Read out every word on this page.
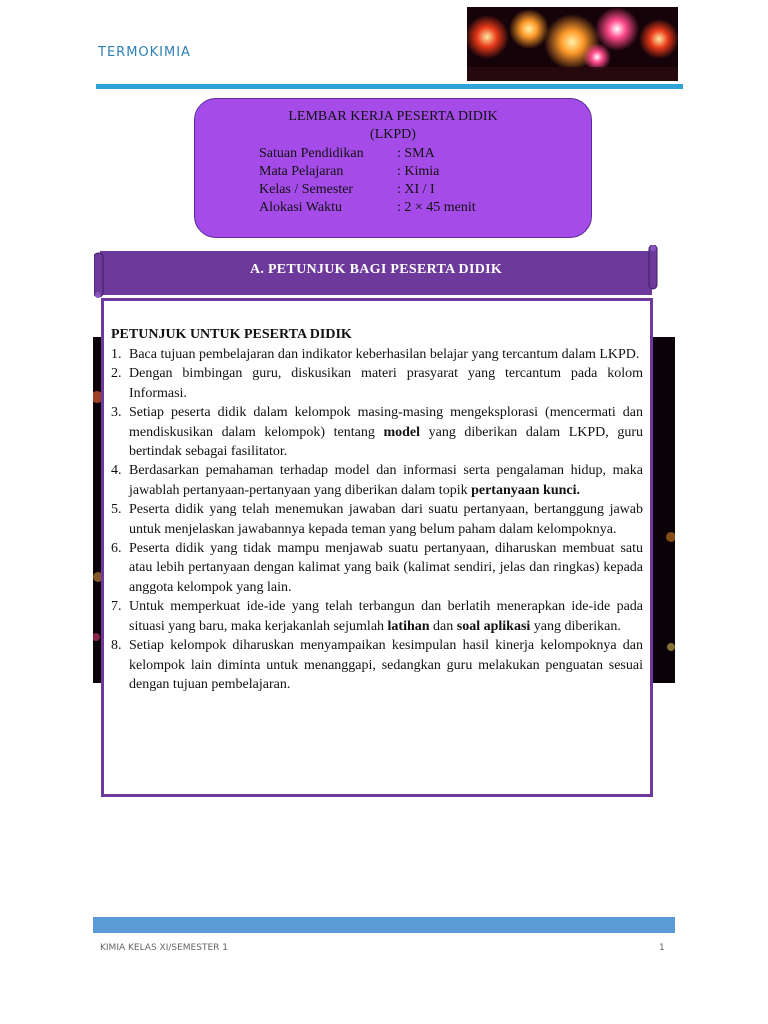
TERMOKIMIA
LEMBAR KERJA PESERTA DIDIK
(LKPD)
Satuan Pendidikan	: SMA
Mata Pelajaran	: Kimia
Kelas / Semester	: XI / I
Alokasi Waktu	: 2 × 45 menit
A. PETUNJUK BAGI PESERTA DIDIK
PETUNJUK UNTUK PESERTA DIDIK
1. Baca tujuan pembelajaran dan indikator keberhasilan belajar yang tercantum dalam LKPD.
2. Dengan bimbingan guru, diskusikan materi prasyarat yang tercantum pada kolom Informasi.
3. Setiap peserta didik dalam kelompok masing-masing mengeksplorasi (mencermati dan mendiskusikan dalam kelompok) tentang model yang diberikan dalam LKPD, guru bertindak sebagai fasilitator.
4. Berdasarkan pemahaman terhadap model dan informasi serta pengalaman hidup, maka jawablah pertanyaan-pertanyaan yang diberikan dalam topik pertanyaan kunci.
5. Peserta didik yang telah menemukan jawaban dari suatu pertanyaan, bertanggung jawab untuk menjelaskan jawabannya kepada teman yang belum paham dalam kelompoknya.
6. Peserta didik yang tidak mampu menjawab suatu pertanyaan, diharuskan membuat satu atau lebih pertanyaan dengan kalimat yang baik (kalimat sendiri, jelas dan ringkas) kepada anggota kelompok yang lain.
7. Untuk memperkuat ide-ide yang telah terbangun dan berlatih menerapkan ide-ide pada situasi yang baru, maka kerjakanlah sejumlah latihan dan soal aplikasi yang diberikan.
8. Setiap kelompok diharuskan menyampaikan kesimpulan hasil kinerja kelompoknya dan kelompok lain diminta untuk menanggapi, sedangkan guru melakukan penguatan sesuai dengan tujuan pembelajaran.
KIMIA KELAS XI/SEMESTER 1	1
